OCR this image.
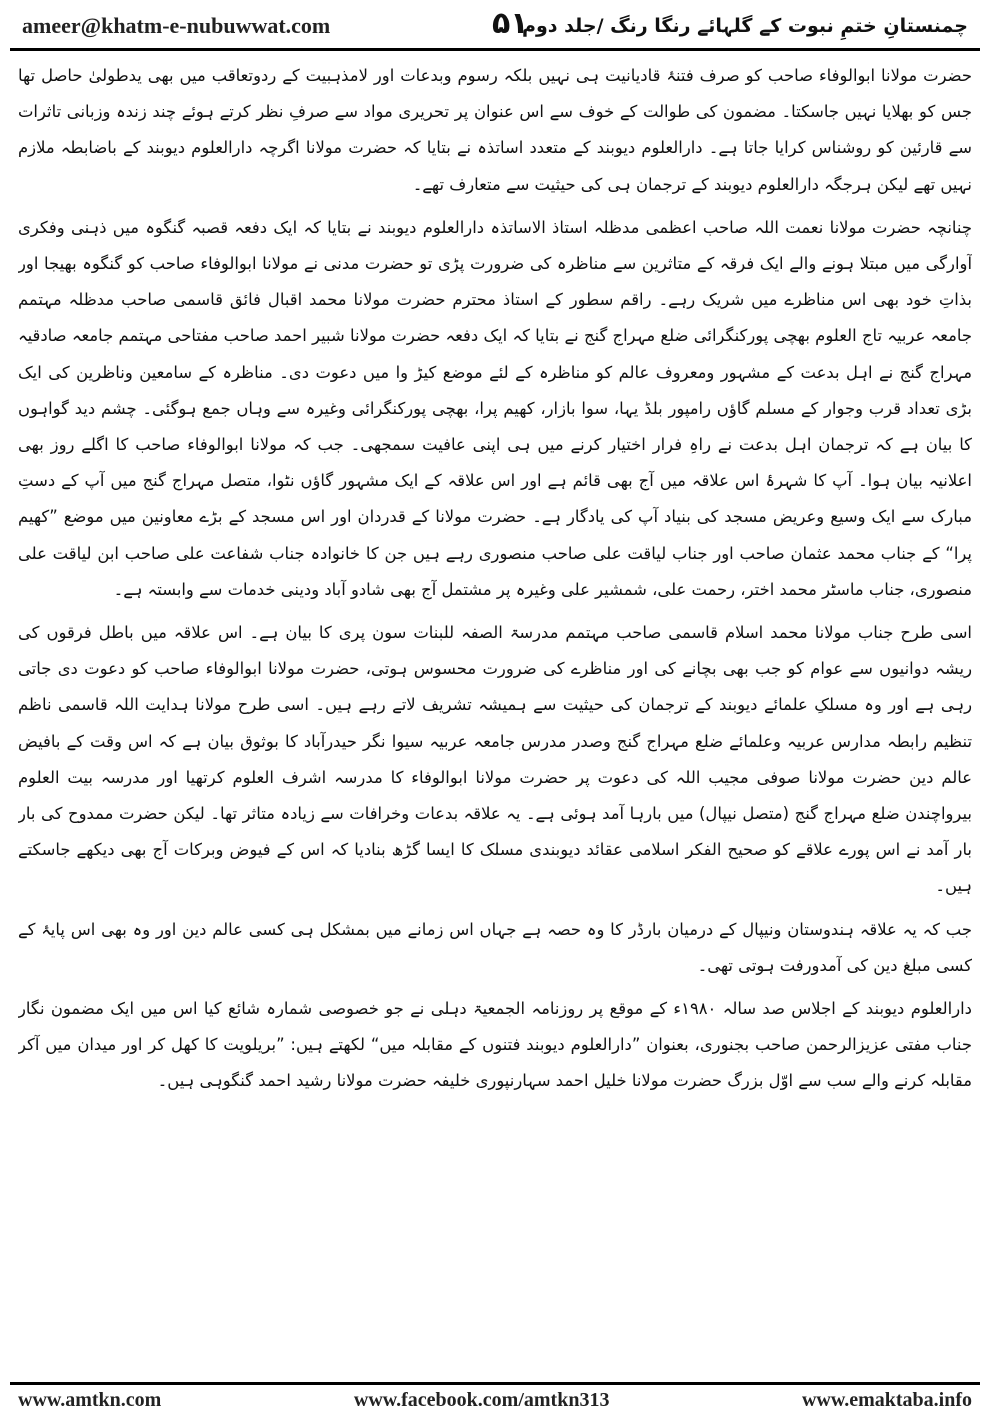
ameer@khatm-e-nubuwwat.com	۵۱
چمنستانِ ختمِ نبوت کے گلہائے رنگا رنگ /جلد دوم

حضرت مولانا ابوالوفاء صاحب کو صرف فتنۂ قادیانیت ہی نہیں بلکہ رسوم وبدعات اور لامذہبیت کے ردوتعاقب میں بھی یدطولیٰ حاصل تھا جس کو بھلایا نہیں جاسکتا۔ مضمون کی طوالت کے خوف سے اس عنوان پر تحریری مواد سے صرفِ نظر کرتے ہوئے چند زندہ وزبانی تاثرات سے قارئین کو روشناس کرایا جاتا ہے۔ دارالعلوم دیوبند کے متعدد اساتذہ نے بتایا کہ حضرت مولانا اگرچہ دارالعلوم دیوبند کے باضابطہ ملازم نہیں تھے لیکن ہرجگہ دارالعلوم دیوبند کے ترجمان ہی کی حیثیت سے متعارف تھے۔

چنانچہ حضرت مولانا نعمت اللہ صاحب اعظمی مدظلہ استاذ الاساتذہ دارالعلوم دیوبند نے بتایا کہ ایک دفعہ قصبہ گنگوہ میں ذہنی وفکری آوارگی میں مبتلا ہونے والے ایک فرقہ کے متاثرین سے مناظرہ کی ضرورت پڑی تو حضرت مدنی نے مولانا ابوالوفاء صاحب کو گنگوہ بھیجا اور بذاتِ خود بھی اس مناظرے میں شریک رہے۔ راقم سطور کے استاذ محترم حضرت مولانا محمد اقبال فائق قاسمی صاحب مدظلہ مہتمم جامعہ عربیہ تاج العلوم بھچی پورکنگرائی ضلع مہراج گنج نے بتایا کہ ایک دفعہ حضرت مولانا شبیر احمد صاحب مفتاحی مہتمم جامعہ صادقیہ مہراج گنج نے اہل بدعت کے مشہور ومعروف عالم کو مناظرہ کے لئے موضع کیڑ وا میں دعوت دی۔ مناظرہ کے سامعین وناظرین کی ایک بڑی تعداد قرب وجوار کے مسلم گاؤں رامپور بلڈ یہا، سوا بازار، کھیم پرا، بھچی پورکنگرائی وغیرہ سے وہاں جمع ہوگئی۔ چشم دید گواہوں کا بیان ہے کہ ترجمان اہل بدعت نے راہِ فرار اختیار کرنے میں ہی اپنی عافیت سمجھی۔ جب کہ مولانا ابوالوفاء صاحب کا اگلے روز بھی اعلانیہ بیان ہوا۔ آپ کا شہرۂ اس علاقہ میں آج بھی قائم ہے اور اس علاقہ کے ایک مشہور گاؤں نٹوا، متصل مہراج گنج میں آپ کے دستِ مبارک سے ایک وسیع وعریض مسجد کی بنیاد آپ کی یادگار ہے۔ حضرت مولانا کے قدردان اور اس مسجد کے بڑے معاونین میں موضع ”کھیم پرا“ کے جناب محمد عثمان صاحب اور جناب لیاقت علی صاحب منصوری رہے ہیں جن کا خانوادہ جناب شفاعت علی صاحب ابن لیاقت علی منصوری، جناب ماسٹر محمد اختر، رحمت علی، شمشیر علی وغیرہ پر مشتمل آج بھی شادو آباد ودینی خدمات سے وابستہ ہے۔

اسی طرح جناب مولانا محمد اسلام قاسمی صاحب مہتمم مدرسۃ الصفہ للبنات سون پری کا بیان ہے۔ اس علاقہ میں باطل فرقوں کی ریشہ دوانیوں سے عوام کو جب بھی بچانے کی اور مناظرے کی ضرورت محسوس ہوتی، حضرت مولانا ابوالوفاء صاحب کو دعوت دی جاتی رہی ہے اور وہ مسلکِ علمائے دیوبند کے ترجمان کی حیثیت سے ہمیشہ تشریف لاتے رہے ہیں۔ اسی طرح مولانا ہدایت اللہ قاسمی ناظم تنظیم رابطہ مدارس عربیہ وعلمائے ضلع مہراج گنج وصدر مدرس جامعہ عربیہ سیوا نگر حیدرآباد کا بوثوق بیان ہے کہ اس وقت کے بافیض عالم دین حضرت مولانا صوفی مجیب اللہ کی دعوت پر حضرت مولانا ابوالوفاء کا مدرسہ اشرف العلوم کرتھیا اور مدرسہ بیت العلوم بیرواچندن ضلع مہراج گنج (متصل نیپال) میں بارہا آمد ہوئی ہے۔ یہ علاقہ بدعات وخرافات سے زیادہ متاثر تھا۔ لیکن حضرت ممدوح کی بار بار آمد نے اس پورے علاقے کو صحیح الفکر اسلامی عقائد دیوبندی مسلک کا ایسا گڑھ بنادیا کہ اس کے فیوض وبرکات آج بھی دیکھے جاسکتے ہیں۔

جب کہ یہ علاقہ ہندوستان ونیپال کے درمیان بارڈر کا وہ حصہ ہے جہاں اس زمانے میں بمشکل ہی کسی عالم دین اور وہ بھی اس پایۂ کے کسی مبلغ دین کی آمدورفت ہوتی تھی۔

دارالعلوم دیوبند کے اجلاس صد سالہ ۱۹۸۰ء کے موقع پر روزنامہ الجمعیۃ دہلی نے جو خصوصی شمارہ شائع کیا اس میں ایک مضمون نگار جناب مفتی عزیزالرحمن صاحب بجنوری، بعنوان ”دارالعلوم دیوبند فتنوں کے مقابلہ میں“ لکھتے ہیں: ”بریلویت کا کھل کر اور میدان میں آکر مقابلہ کرنے والے سب سے اوّل بزرگ حضرت مولانا خلیل احمد سہارنپوری خلیفہ حضرت مولانا رشید احمد گنگوہی ہیں۔

www.amtkn.com	www.facebook.com/amtkn313	www.emaktaba.info
